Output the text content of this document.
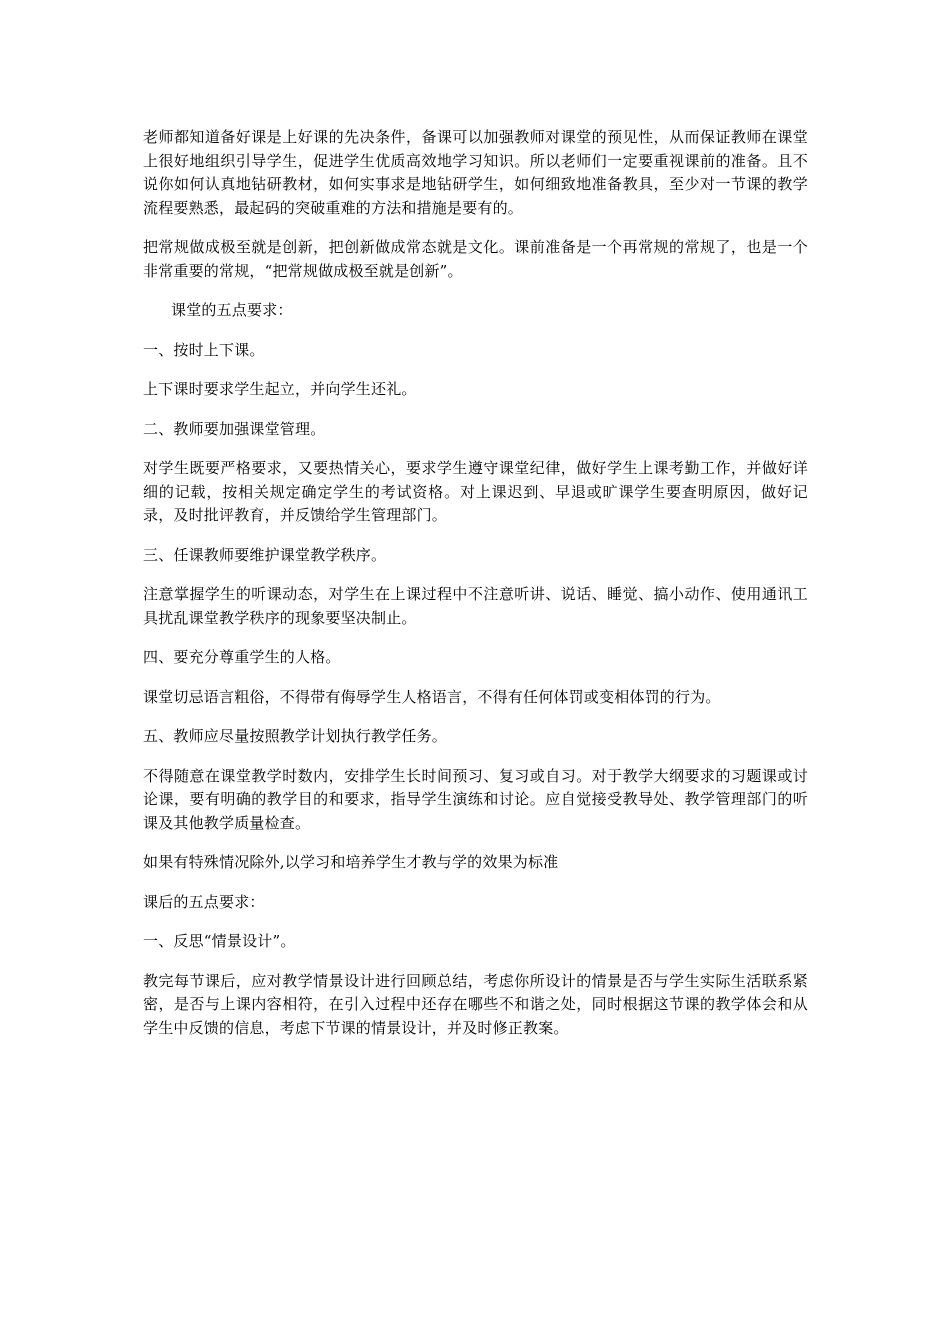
老师都知道备好课是上好课的先决条件，备课可以加强教师对课堂的预见性，从而保证教师在课堂上很好地组织引导学生，促进学生优质高效地学习知识。所以老师们一定要重视课前的准备。且不说你如何认真地钻研教材，如何实事求是地钻研学生，如何细致地准备教具，至少对一节课的教学流程要熟悉，最起码的突破重难的方法和措施是要有的。

把常规做成极至就是创新，把创新做成常态就是文化。课前准备是一个再常规的常规了，也是一个非常重要的常规，“把常规做成极至就是创新”。

课堂的五点要求：

一、按时上下课。

上下课时要求学生起立，并向学生还礼。

二、教师要加强课堂管理。

对学生既要严格要求，又要热情关心，要求学生遵守课堂纪律，做好学生上课考勤工作，并做好详细的记载，按相关规定确定学生的考试资格。对上课迟到、早退或旷课学生要查明原因，做好记录，及时批评教育，并反馈给学生管理部门。

三、任课教师要维护课堂教学秩序。

注意掌握学生的听课动态，对学生在上课过程中不注意听讲、说话、睡觉、搞小动作、使用通讯工具扰乱课堂教学秩序的现象要坚决制止。

四、要充分尊重学生的人格。

课堂切忌语言粗俗，不得带有侮辱学生人格语言，不得有任何体罚或变相体罚的行为。

五、教师应尽量按照教学计划执行教学任务。

不得随意在课堂教学时数内，安排学生长时间预习、复习或自习。对于教学大纲要求的习题课或讨论课，要有明确的教学目的和要求，指导学生演练和讨论。应自觉接受教导处、教学管理部门的听课及其他教学质量检查。

如果有特殊情况除外,以学习和培养学生才教与学的效果为标准

课后的五点要求：

一、反思“情景设计”。

教完每节课后，应对教学情景设计进行回顾总结，考虑你所设计的情景是否与学生实际生活联系紧密，是否与上课内容相符，在引入过程中还存在哪些不和谐之处，同时根据这节课的教学体会和从学生中反馈的信息，考虑下节课的情景设计，并及时修正教案。
